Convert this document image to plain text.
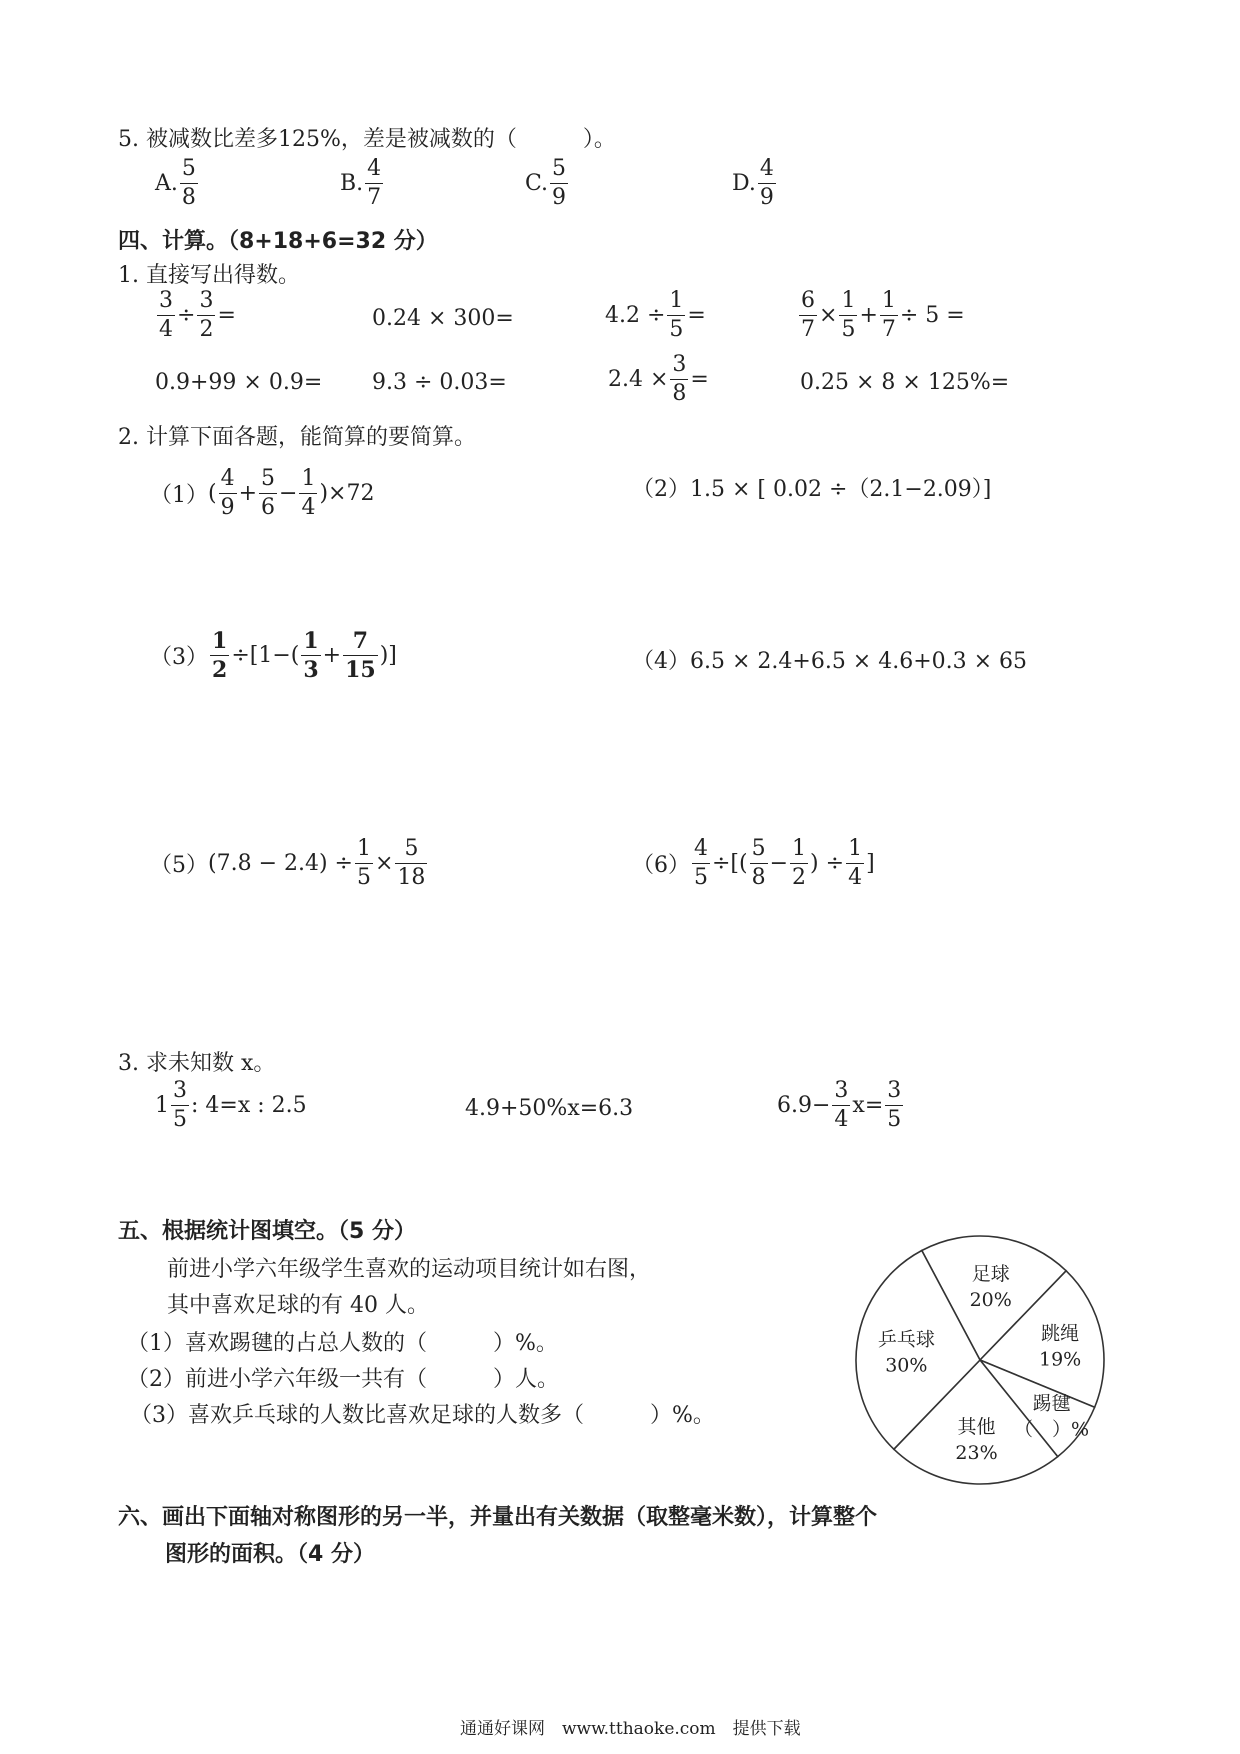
5. 被减数比差多125%，差是被减数的（　　　）。
A. $\frac{5}{8}$	B. $\frac{4}{7}$	C. $\frac{5}{9}$	D. $\frac{4}{9}$
四、计算。（8+18+6=32 分）
1. 直接写出得数。
$\frac{3}{4} \div \frac{3}{2}$ =	0.24 × 300=	$4.2 \div \frac{1}{5}$ =	$\frac{6}{7} \times \frac{1}{5} + \frac{1}{7} \div 5$ =
0.9+99 × 0.9= 9.3 ÷ 0.03=	$2.4 \times \frac{3}{8}$ =	0.25 × 8 × 125%=
2. 计算下面各题，能简算的要简算。
（1） ( $\frac{4}{9} + \frac{5}{6} - \frac{1}{4} )\times 72$	（2）1.5 × [ 0.02 ÷（2.1−2.09）]
$(3) \frac{1}{2} \div[1-( \frac{1}{3} + \frac{7}{15}$ )]	（4）6.5 × 2.4+6.5 × 4.6+0.3 × 65
（5） $(7.8 - 2.4) \div \frac{1}{5} \times \frac{5}{18}$	$(6) \frac{4}{5}$ ÷[( $\frac{5}{8} - \frac{1}{2}$ ) ÷ $\frac{1}{4}$ ]
3. 求未知数 x。
$1 \frac{3}{5}$ : 4=x : 2.5	4.9+50%x=6.3	$6.9- \frac{3}{4} x= \frac{3}{5}$
五、根据统计图填空。（5 分）
前进小学六年级学生喜欢的运动项目统计如右图，
其中喜欢足球的有 40 人。
（1）喜欢踢毽的占总人数的（　　　）%。
（2）前进小学六年级一共有（　　　）人。
（3）喜欢乒乓球的人数比喜欢足球的人数多（　　　）%。
足球
20%
跳绳
19%
踢毽
（　）%
其他
23%
乒乓球
30%
六、画出下面轴对称图形的另一半，并量出有关数据（取整毫米数），计算整个
图形的面积。（4 分）
通通好课网　www.tthaoke.com　提供下载
